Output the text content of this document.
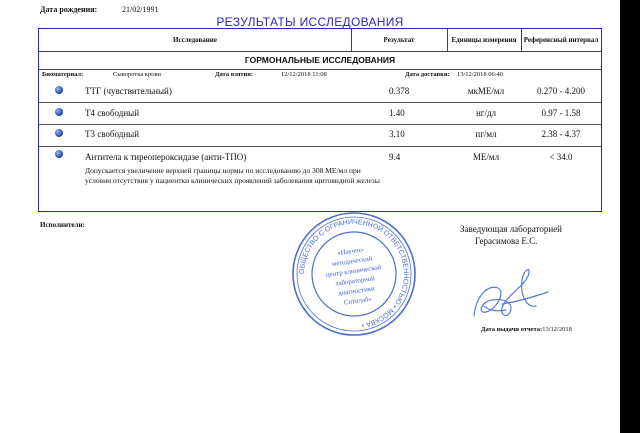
Дата рождения:	21/02/1991
РЕЗУЛЬТАТЫ ИССЛЕДОВАНИЯ
Исследование	Результат	Единицы измерения	Референсный интервал
ГОРМОНАЛЬНЫЕ ИССЛЕДОВАНИЯ
Биоматериал:	Сыворотка крови	Дата взятия:	12/12/2018 11:08	Дата доставки: 13/12/2018 06:40
ТТГ (чувствительный)	0.378	мкМЕ/мл	0.270 - 4.200
Т4 свободный	1.40	нг/дл	0.97 - 1.58
Т3 свободный	3.10	пг/мл	2.38 - 4.37
Антитела к тиреопероксидазе (анти-ТПО)	9.4	МЕ/мл	< 34.0
Допускается увеличение верхней границы нормы по исследованию до 308 МЕ/мл при условии отсутствия у пациентки клинических проявлений заболевания щитовидной железы
Исполнители:	Заведующая лабораторией
Герасимова Е.С.
ОБЩЕСТВО С ОГРАНИЧЕННОЙ ОТВЕТСТВЕННОСТЬЮ • МОСКВА •
«Научно-
методический
центр клинической
лабораторной
диагностики
Ситилаб»
Дата выдачи отчета:13/12/2018
